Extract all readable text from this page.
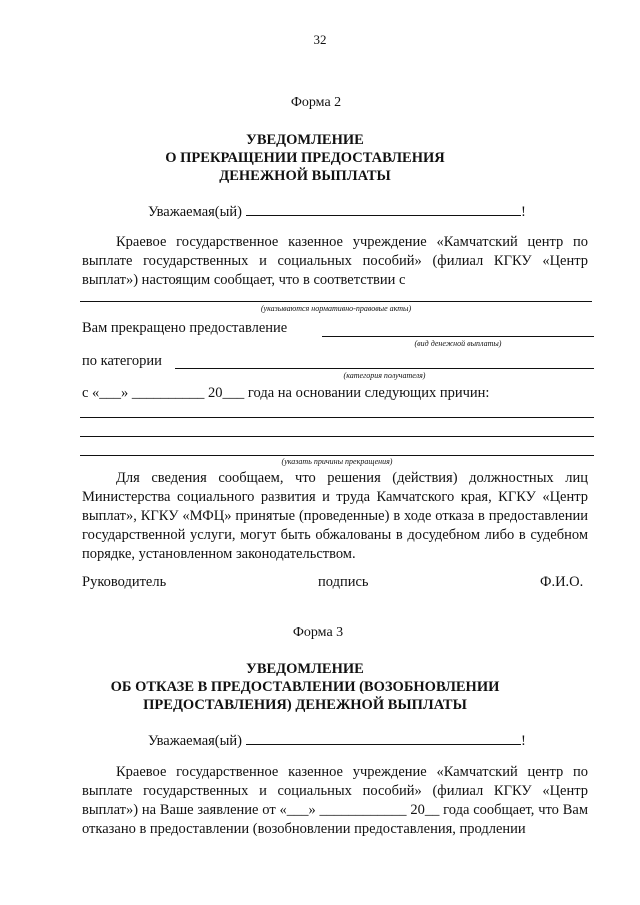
32
Форма 2
УВЕДОМЛЕНИЕ
О ПРЕКРАЩЕНИИ ПРЕДОСТАВЛЕНИЯ
ДЕНЕЖНОЙ ВЫПЛАТЫ
Уважаемая(ый)	!
Краевое государственное казенное учреждение «Камчатский центр по выплате государственных и социальных пособий» (филиал КГКУ «Центр выплат») настоящим сообщает, что в соответствии с
(указываются нормативно-правовые акты)
Вам прекращено предоставление
(вид денежной выплаты)
по категории
(категория получателя)
с «___» __________ 20___ года на основании следующих причин:
(указать причины прекращения)
Для сведения сообщаем, что решения (действия) должностных лиц Министерства социального развития и труда Камчатского края, КГКУ «Центр выплат», КГКУ «МФЦ» принятые (проведенные) в ходе отказа в предоставлении государственной услуги, могут быть обжалованы в досудебном либо в судебном порядке, установленном законодательством.
Руководитель	подпись	Ф.И.О.
Форма 3
УВЕДОМЛЕНИЕ
ОБ ОТКАЗЕ В ПРЕДОСТАВЛЕНИИ (ВОЗОБНОВЛЕНИИ
ПРЕДОСТАВЛЕНИЯ) ДЕНЕЖНОЙ ВЫПЛАТЫ
Уважаемая(ый)	!
Краевое государственное казенное учреждение «Камчатский центр по выплате государственных и социальных пособий» (филиал КГКУ «Центр выплат») на Ваше заявление от «___» ____________ 20__ года сообщает, что Вам отказано в предоставлении (возобновлении предоставления, продлении
